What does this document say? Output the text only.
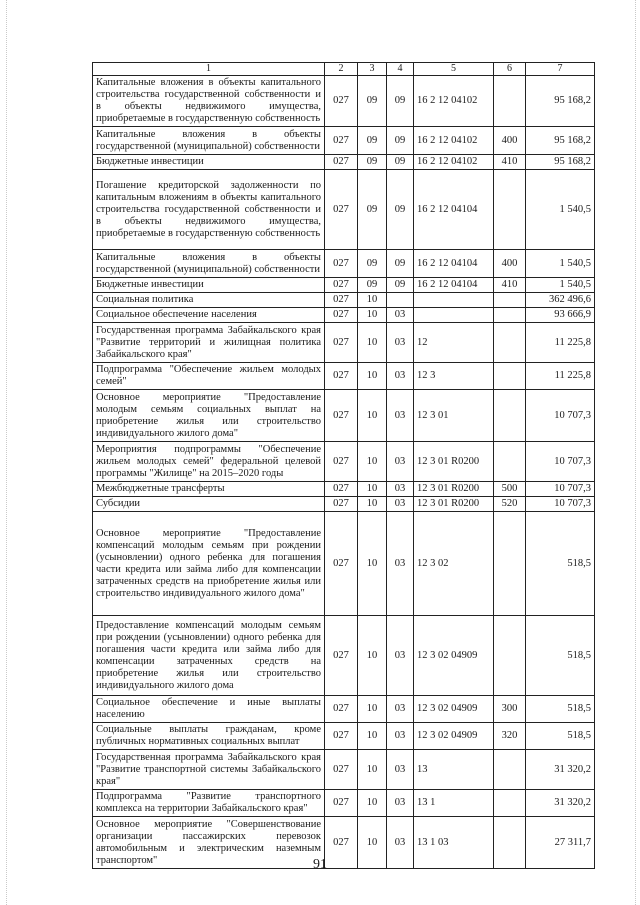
1	2	3	4	5	6	7
Капитальные вложения в объекты капитального строительства государственной собственности и в объекты недвижимого имущества, приобретаемые в государственную собственность	027	09	09	16 2 12 04102		95 168,2
Капитальные вложения в объекты государственной (муниципальной) собственности	027	09	09	16 2 12 04102	400	95 168,2
Бюджетные инвестиции	027	09	09	16 2 12 04102	410	95 168,2
Погашение кредиторской задолженности по капитальным вложениям в объекты капитального строительства государственной собственности и в объекты недвижимого имущества, приобретаемые в государственную собственность	027	09	09	16 2 12 04104		1 540,5
Капитальные вложения в объекты государственной (муниципальной) собственности	027	09	09	16 2 12 04104	400	1 540,5
Бюджетные инвестиции	027	09	09	16 2 12 04104	410	1 540,5
Социальная политика	027	10				362 496,6
Социальное обеспечение населения	027	10	03			93 666,9
Государственная программа Забайкальского края "Развитие территорий и жилищная политика Забайкальского края"	027	10	03	12		11 225,8
Подпрограмма "Обеспечение жильем молодых семей"	027	10	03	12 3		11 225,8
Основное мероприятие "Предоставление молодым семьям социальных выплат на приобретение жилья или строительство индивидуального жилого дома"	027	10	03	12 3 01		10 707,3
Мероприятия подпрограммы "Обеспечение жильем молодых семей" федеральной целевой программы "Жилище" на 2015–2020 годы	027	10	03	12 3 01 R0200		10 707,3
Межбюджетные трансферты	027	10	03	12 3 01 R0200	500	10 707,3
Субсидии	027	10	03	12 3 01 R0200	520	10 707,3
Основное мероприятие "Предоставление компенсаций молодым семьям при рождении (усыновлении) одного ребенка для погашения части кредита или займа либо для компенсации затраченных средств на приобретение жилья или строительство индивидуального жилого дома"	027	10	03	12 3 02		518,5
Предоставление компенсаций молодым семьям при рождении (усыновлении) одного ребенка для погашения части кредита или займа либо для компенсации затраченных средств на приобретение жилья или строительство индивидуального жилого дома	027	10	03	12 3 02 04909		518,5
Социальное обеспечение и иные выплаты населению	027	10	03	12 3 02 04909	300	518,5
Социальные выплаты гражданам, кроме публичных нормативных социальных выплат	027	10	03	12 3 02 04909	320	518,5
Государственная программа Забайкальского края "Развитие транспортной системы Забайкальского края"	027	10	03	13		31 320,2
Подпрограмма "Развитие транспортного комплекса на территории Забайкальского края"	027	10	03	13 1		31 320,2
Основное мероприятие "Совершенствование организации пассажирских перевозок автомобильным и электрическим наземным транспортом"	027	10	03	13 1 03		27 311,7
91
